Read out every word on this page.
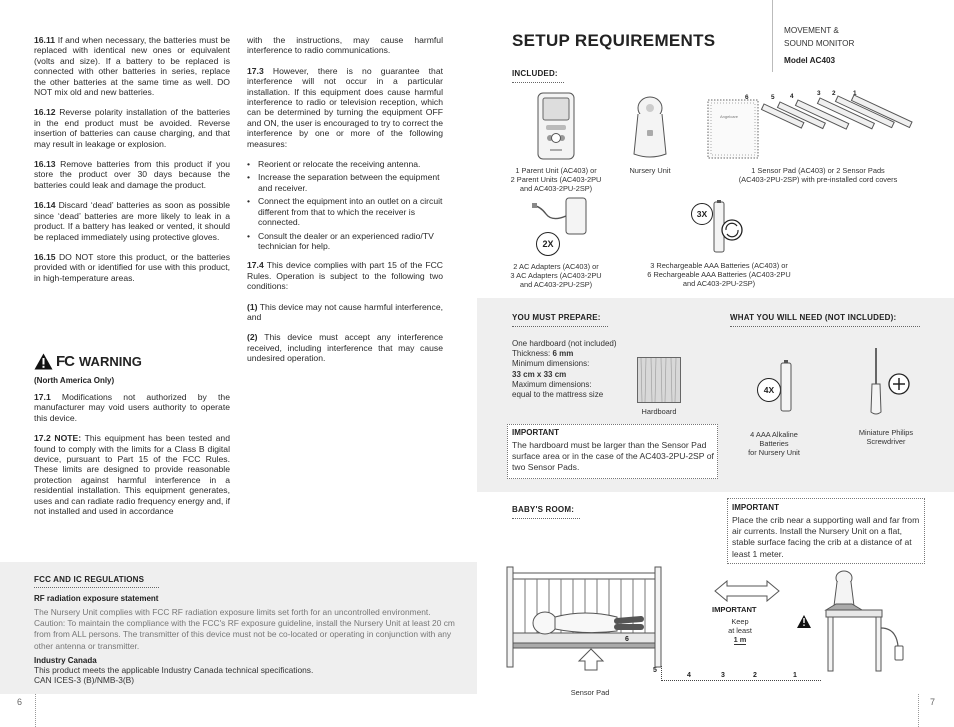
16.11 If and when necessary, the batteries must be replaced with identical new ones or equivalent (volts and size). If a battery to be replaced is connected with other batteries in series, replace the other batteries at the same time as well. DO NOT mix old and new batteries.

16.12 Reverse polarity installation of the batteries in the end product must be avoided. Reverse insertion of batteries can cause charging, and that may result in leakage or explosion.

16.13 Remove batteries from this product if you store the product over 30 days because the batteries could leak and damage the product.

16.14 Discard ‘dead’ batteries as soon as possible since ‘dead’ batteries are more likely to leak in a product. If a battery has leaked or vented, it should be replaced immediately using protective gloves.

16.15 DO NOT store this product, or the batteries provided with or identified for use with this product, in high-temperature areas.

FC WARNING
(North America Only)

17.1 Modifications not authorized by the manufacturer may void users authority to operate this device.

17.2 NOTE: This equipment has been tested and found to comply with the limits for a Class B digital device, pursuant to Part 15 of the FCC Rules. These limits are designed to provide reasonable protection against harmful interference in a residential installation. This equipment generates, uses and can radiate radio frequency energy and, if not installed and used in accordance

with the instructions, may cause harmful interference to radio communications.

17.3 However, there is no guarantee that interference will not occur in a particular installation. If this equipment does cause harmful interference to radio or television reception, which can be determined by turning the equipment OFF and ON, the user is encouraged to try to correct the interference by one or more of the following measures:

• Reorient or relocate the receiving antenna.
• Increase the separation between the equipment and receiver.
• Connect the equipment into an outlet on a circuit different from that to which the receiver is connected.
• Consult the dealer or an experienced radio/TV technician for help.

17.4 This device complies with part 15 of the FCC Rules. Operation is subject to the following two conditions:

(1) This device may not cause harmful interference, and

(2) This device must accept any interference received, including interference that may cause undesired operation.

FCC AND IC REGULATIONS
RF radiation exposure statement

The Nursery Unit complies with FCC RF radiation exposure limits set forth for an uncontrolled environment. Caution: To maintain the compliance with the FCC's RF exposure guideline, install the Nursery Unit at least 20 cm from from ALL persons. The transmitter of this device must not be co-located or operating in conjunction with any other antenna or transmitter.

Industry Canada

This product meets the applicable Industry Canada technical specifications.

CAN ICES-3 (B)/NMB-3(B)

6
SETUP REQUIREMENTS
MOVEMENT &
SOUND MONITOR
Model AC403
INCLUDED:
1 Parent Unit (AC403) or
2 Parent Units (AC403-2PU
and AC403-2PU-2SP)
Nursery Unit
Angelcare
6	5 4	3 2	1
1 Sensor Pad (AC403) or 2 Sensor Pads
(AC403-2PU-2SP) with pre-installed cord covers
2X
2 AC Adapters (AC403) or
3 AC Adapters (AC403-2PU
and AC403-2PU-2SP)
3X
3 Rechargeable AAA Batteries (AC403) or
6 Rechargeable AAA Batteries (AC403-2PU
and AC403-2PU-2SP)
YOU MUST PREPARE:
One hardboard (not included)
Thickness: 6 mm
Minimum dimensions:
33 cm x 33 cm
Maximum dimensions:
equal to the mattress size
Hardboard
IMPORTANT

The hardboard must be larger than the Sensor Pad surface area or in the case of the AC403-2PU-2SP of two Sensor Pads.

WHAT YOU WILL NEED (NOT INCLUDED):
4X
4 AAA Alkaline
Batteries
for Nursery Unit
Miniature Philips
Screwdriver
BABY'S ROOM:	IMPORTANT

Place the crib near a supporting wall and far from air currents. Install the Nursery Unit on a flat, stable surface facing the crib at a distance of at least 1 meter.

6
5
4	3	2	1
Sensor Pad
IMPORTANT
Keep
at least
1 m
7
